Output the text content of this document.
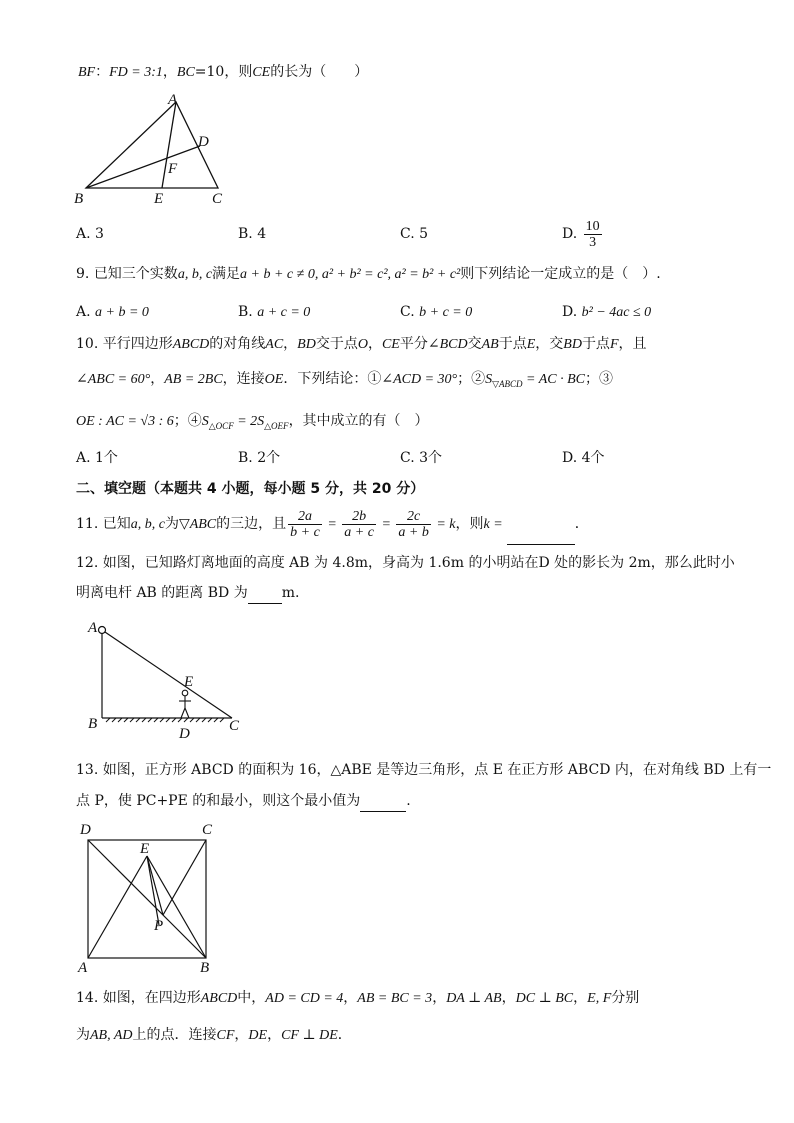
BF：FD = 3:1，BC=10，则CE的长为（　　）
A
B	C
D
E
F
A. 3	B. 4	C. 5	D. $\frac{10}{3}$
9. 已知三个实数a, b, c满足a + b + c ≠ 0, a² + b² = c², a² = b² + c²则下列结论一定成立的是（　）.
A. a + b = 0	B. a + c = 0	C. b + c = 0	D. b² − 4ac ≤ 0
10. 平行四边形ABCD的对角线AC，BD交于点O，CE平分∠BCD交AB于点E，交BD于点F，且
∠ABC = 60°，AB = 2BC，连接OE．下列结论：①∠ACD = 30°；$②S_{▽ABCD}$ = AC · BC；③
OE : AC = √3 : 6；$④S_{\triangle OCF} = 2S_{\triangle OEF}$，其中成立的有（　）
A. 1个	B. 2个	C. 3个	D. 4个
二、填空题（本题共 4 小题，每小题 5 分，共 20 分）
11. 已知a, b, c为▽ABC的三边，且 $\frac{2a}{b + c} = \frac{2b}{a + c} = \frac{2c}{a + b} = k$，则k =	．
12. 如图，已知路灯离地面的高度 AB 为 4.8m，身高为 1.6m 的小明站在D 处的影长为 2m，那么此时小
明离电杆 AB 的距离 BD 为 m.
A
B	C
D
E
13. 如图，正方形 ABCD 的面积为 16，△ABE 是等边三角形，点 E 在正方形 ABCD 内，在对角线 BD 上有一
点 P，使 PC+PE 的和最小，则这个最小值为	.
A	B
C
D
E
P
14. 如图，在四边形ABCD中，AD = CD = 4，AB = BC = 3，DA ⊥ AB，DC ⊥ BC，E, F分别
为AB, AD上的点．连接CF，DE，CF ⊥ DE．
